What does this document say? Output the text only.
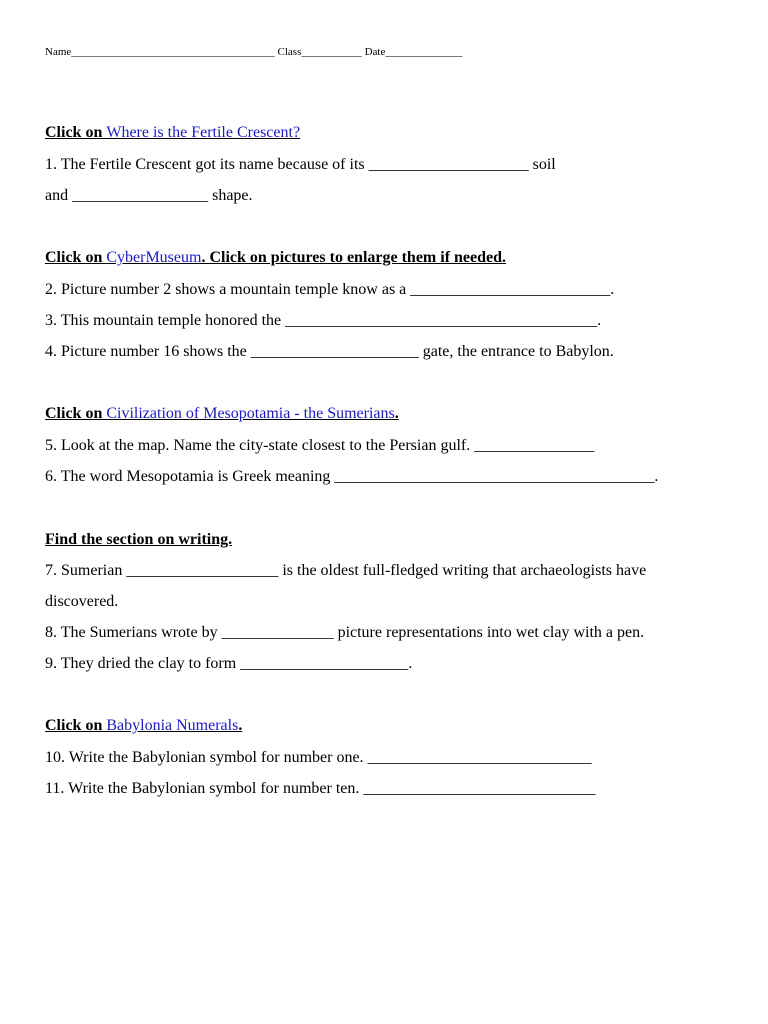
Name_____________________________________ Class___________ Date______________
Click on Where is the Fertile Crescent?
1. The Fertile Crescent got its name because of its ____________________ soil
and _________________ shape.
Click on CyberMuseum. Click on pictures to enlarge them if needed.
2. Picture number 2 shows a mountain temple know as a _________________________.
3. This mountain temple honored the _______________________________________.
4. Picture number 16 shows the _____________________ gate, the entrance to Babylon.
Click on Civilization of Mesopotamia - the Sumerians.
5. Look at the map. Name the city-state closest to the Persian gulf. _______________
6. The word Mesopotamia is Greek meaning ________________________________________.
Find the section on writing.
7. Sumerian ___________________ is the oldest full-fledged writing that archaeologists have
discovered.
8. The Sumerians wrote by ______________ picture representations into wet clay with a pen.
9. They dried the clay to form _____________________.
Click on Babylonia Numerals.
10. Write the Babylonian symbol for number one. ____________________________
11. Write the Babylonian symbol for number ten. _____________________________
